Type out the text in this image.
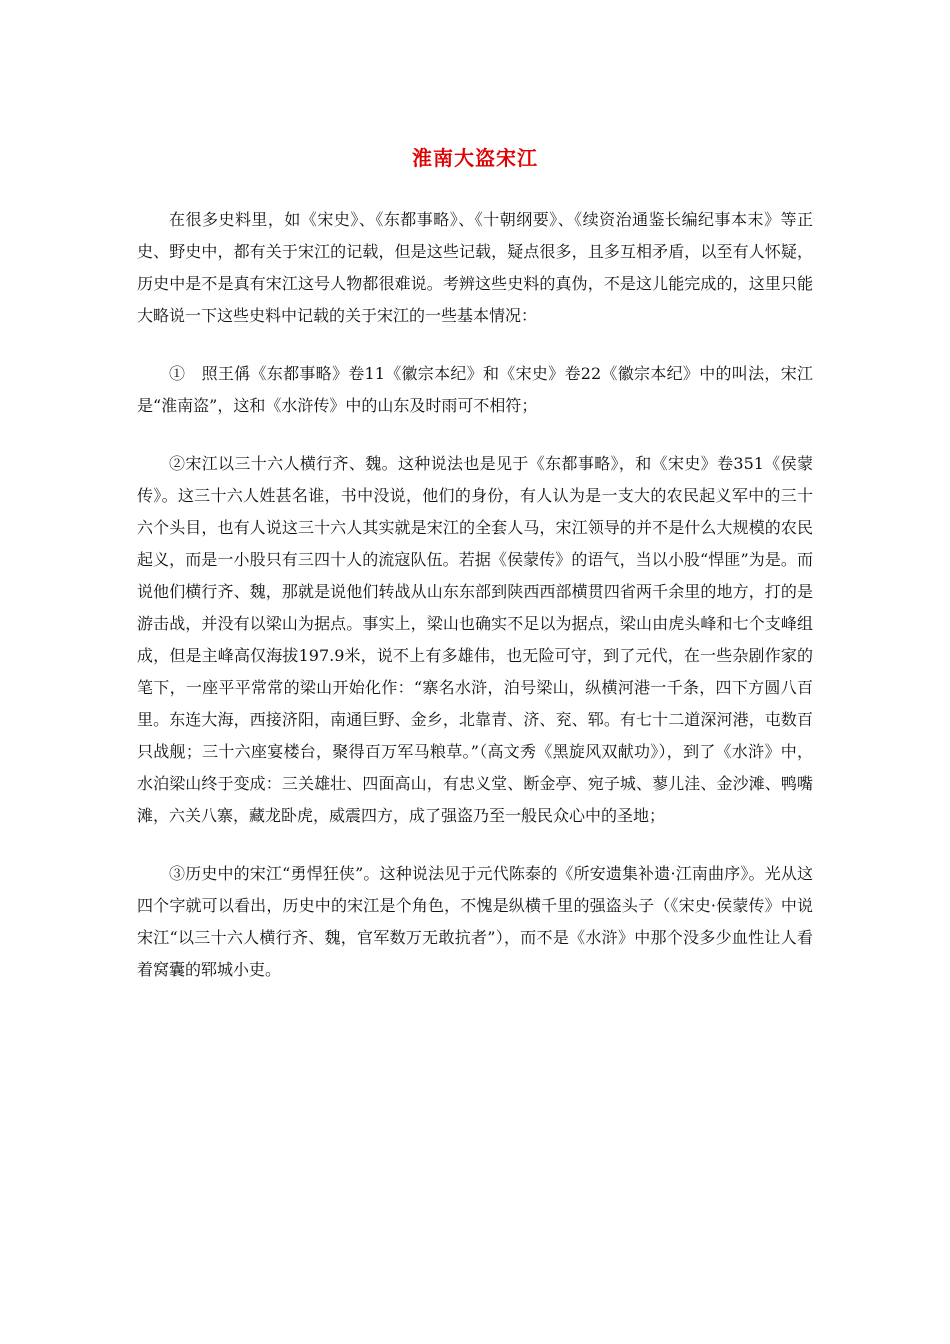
淮南大盗宋江

在很多史料里，如《宋史》、《东都事略》、《十朝纲要》、《续资治通鉴长编纪事本末》等正史、野史中，都有关于宋江的记载，但是这些记载，疑点很多，且多互相矛盾，以至有人怀疑，历史中是不是真有宋江这号人物都很难说。考辨这些史料的真伪，不是这儿能完成的，这里只能大略说一下这些史料中记载的关于宋江的一些基本情况：

①　照王偁《东都事略》卷11《徽宗本纪》和《宋史》卷22《徽宗本纪》中的叫法，宋江是“淮南盗”，这和《水浒传》中的山东及时雨可不相符；

②宋江以三十六人横行齐、魏。这种说法也是见于《东都事略》，和《宋史》卷351《侯蒙传》。这三十六人姓甚名谁，书中没说，他们的身份，有人认为是一支大的农民起义军中的三十六个头目，也有人说这三十六人其实就是宋江的全套人马，宋江领导的并不是什么大规模的农民起义，而是一小股只有三四十人的流寇队伍。若据《侯蒙传》的语气，当以小股“悍匪”为是。而说他们横行齐、魏，那就是说他们转战从山东东部到陕西西部横贯四省两千余里的地方，打的是游击战，并没有以梁山为据点。事实上，梁山也确实不足以为据点，梁山由虎头峰和七个支峰组成，但是主峰高仅海拔197.9米，说不上有多雄伟，也无险可守，到了元代，在一些杂剧作家的笔下，一座平平常常的梁山开始化作：“寨名水浒，泊号梁山，纵横河港一千条，四下方圆八百里。东连大海，西接济阳，南通巨野、金乡，北靠青、济、兖、郓。有七十二道深河港，屯数百只战舰；三十六座宴楼台，聚得百万军马粮草。”（高文秀《黑旋风双献功》），到了《水浒》中，水泊梁山终于变成：三关雄壮、四面高山，有忠义堂、断金亭、宛子城、蓼儿洼、金沙滩、鸭嘴滩，六关八寨，藏龙卧虎，威震四方，成了强盗乃至一般民众心中的圣地；

③历史中的宋江“勇悍狂侠”。这种说法见于元代陈泰的《所安遗集补遗·江南曲序》。光从这四个字就可以看出，历史中的宋江是个角色，不愧是纵横千里的强盗头子（《宋史·侯蒙传》中说宋江“以三十六人横行齐、魏，官军数万无敢抗者”），而不是《水浒》中那个没多少血性让人看着窝囊的郓城小吏。
